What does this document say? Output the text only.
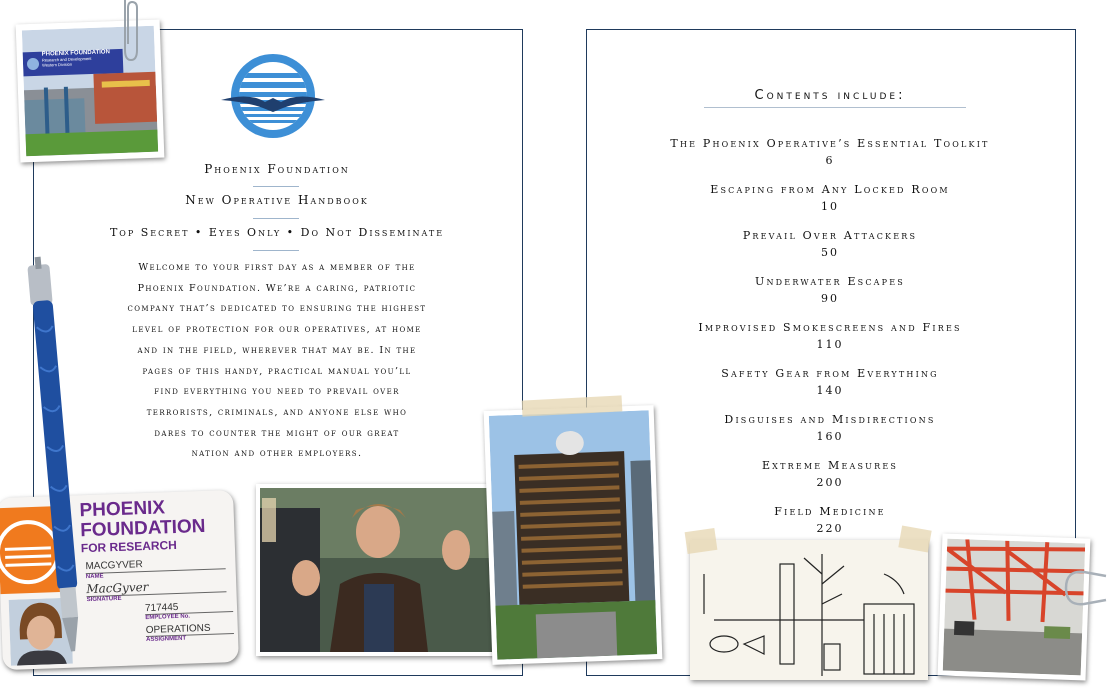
Phoenix Foundation
New Operative Handbook
Top Secret • Eyes Only • Do Not Disseminate
Welcome to your first day as a member of the
Phoenix Foundation. We’re a caring, patriotic
company that’s dedicated to ensuring the highest
level of protection for our operatives, at home
and in the field, wherever that may be. In the
pages of this handy, practical manual you’ll
find everything you need to prevail over
terrorists, criminals, and anyone else who
dares to counter the might of our great
nation and other employers.
Contents include:
The Phoenix Operative’s Essential Toolkit
6
Escaping from Any Locked Room
10
Prevail Over Attackers
50
Underwater Escapes
90
Improvised Smokescreens and Fires
110
Safety Gear from Everything
140
Disguises and Misdirections
160
Extreme Measures
200
Field Medicine
220
PHOENIX FOUNDATION
Research and Development
Western Division
PHOENIX
FOUNDATION
FOR RESEARCH
MACGYVER
NAME
MacGyver
SIGNATURE
717445
EMPLOYEE No.
OPERATIONS
ASSIGNMENT
